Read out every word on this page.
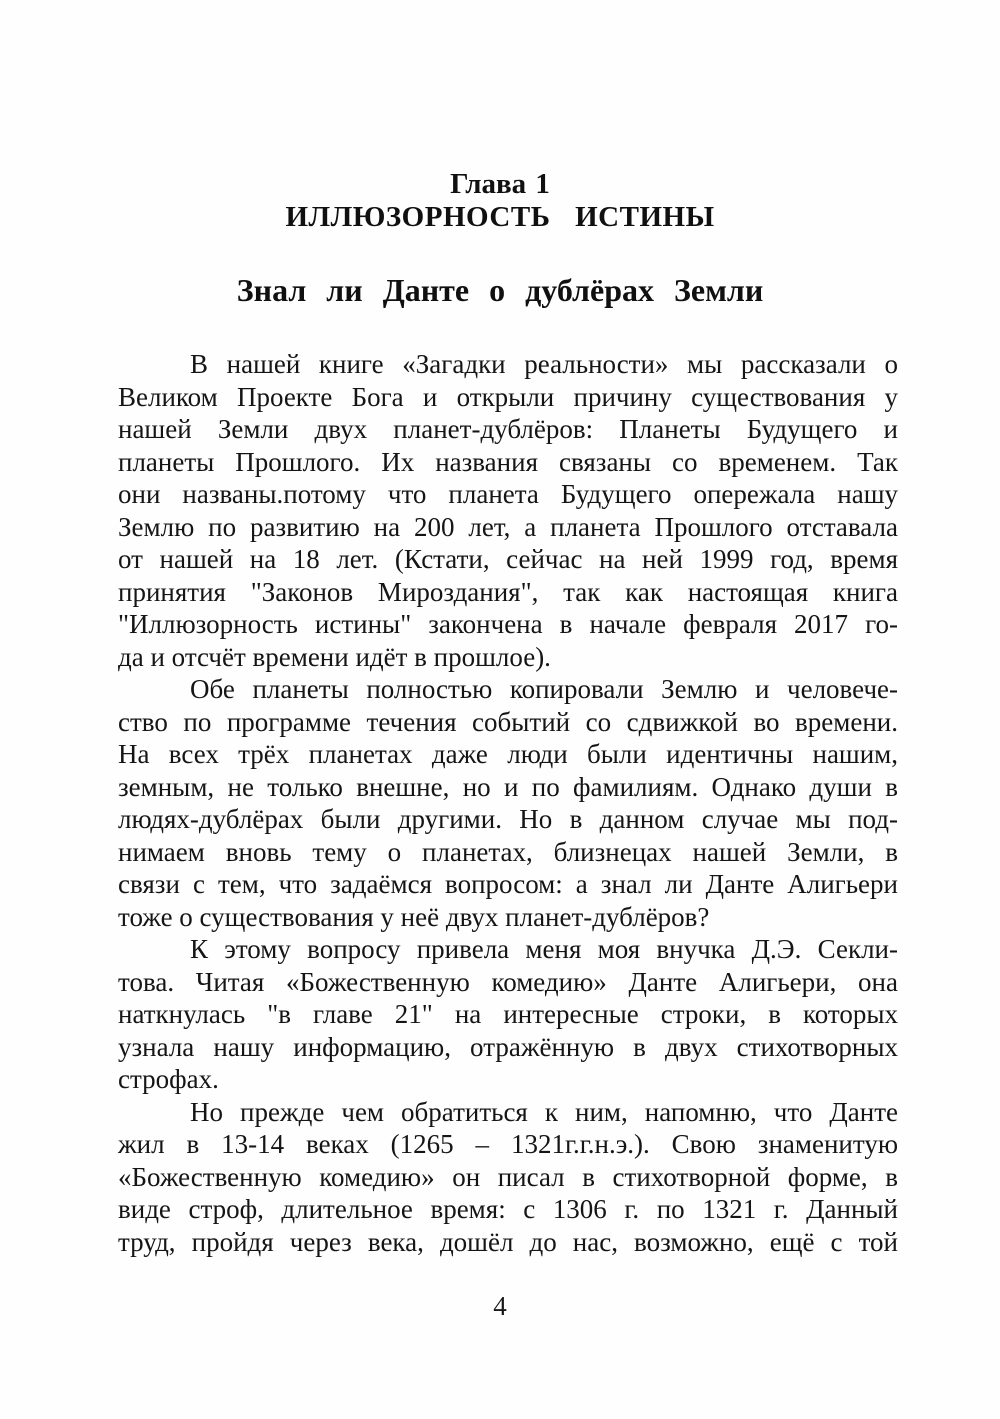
Глава 1
ИЛЛЮЗОРНОСТЬ ИСТИНЫ
Знал ли Данте о дублёрах Земли
В нашей книге «Загадки реальности» мы рассказали о
Великом Проекте Бога и открыли причину существования у
нашей Земли двух планет-дублёров: Планеты Будущего и
планеты Прошлого. Их названия связаны со временем. Так
они названы.потому что планета Будущего опережала нашу
Землю по развитию на 200 лет, а планета Прошлого отставала
от нашей на 18 лет. (Кстати, сейчас на ней 1999 год, время
принятия "Законов Мироздания", так как настоящая книга
"Иллюзорность истины" закончена в начале февраля 2017 го-
да и отсчёт времени идёт в прошлое).
Обе планеты полностью копировали Землю и человече-
ство по программе течения событий со сдвижкой во времени.
На всех трёх планетах даже люди были идентичны нашим,
земным, не только внешне, но и по фамилиям. Однако души в
людях-дублёрах были другими. Но в данном случае мы под-
нимаем вновь тему о планетах, близнецах нашей Земли, в
связи с тем, что задаёмся вопросом: а знал ли Данте Алигьери
тоже о существования у неё двух планет-дублёров?
К этому вопросу привела меня моя внучка Д.Э. Секли-
това. Читая «Божественную комедию» Данте Алигьери, она
наткнулась "в главе 21" на интересные строки, в которых
узнала нашу информацию, отражённую в двух стихотворных
строфах.
Но прежде чем обратиться к ним, напомню, что Данте
жил в 13-14 веках (1265 – 1321г.г.н.э.). Свою знаменитую
«Божественную комедию» он писал в стихотворной форме, в
виде строф, длительное время: с 1306 г. по 1321 г. Данный
труд, пройдя через века, дошёл до нас, возможно, ещё с той
4
